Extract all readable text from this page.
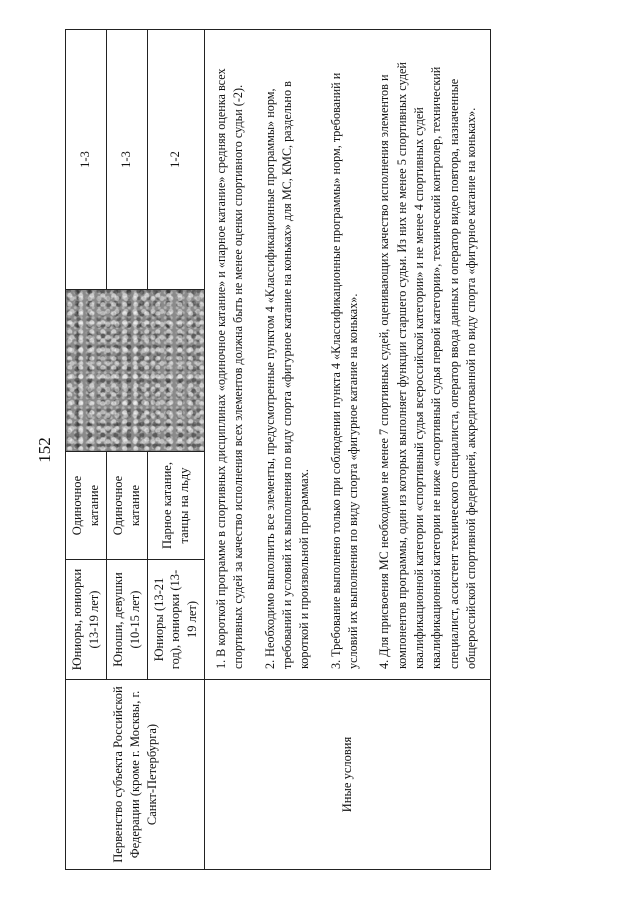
152
Первенство субъекта Российской Федерации (кроме г. Москвы, г. Санкт-Петербурга)	Юниоры, юниорки (13-19 лет)	Одиночное катание		1-3
	Юноши, девушки (10-15 лет)	Одиночное катание		1-3
	Юниоры (13-21 год), юниорки (13-19 лет)	Парное катание, танцы на льду		1-2
Иные условия	1. В короткой программе в спортивных дисциплинах «одиночное катание» и «парное катание» средняя оценка всех спортивных судей за качество исполнения всех элементов должна быть не менее оценки спортивного судьи (-2). 2. Необходимо выполнить все элементы, предусмотренные пунктом 4 «Классификационные программы» норм, требований и условий их выполнения по виду спорта «фигурное катание на коньках» для МС, КМС, раздельно в короткой и произвольной программах. 3. Требование выполнено только при соблюдении пункта 4 «Классификационные программы» норм, требований и условий их выполнения по виду спорта «фигурное катание на коньках». 4. Для присвоения МС необходимо не менее 7 спортивных судей, оценивающих качество исполнения элементов и компонентов программы, один из которых выполняет функции старшего судьи. Из них не менее 5 спортивных судей квалификационной категории «спортивный судья всероссийской категории» и не менее 4 спортивных судей квалификационной категории не ниже «спортивный судья первой категории», технический контролер, технический специалист, ассистент технического специалиста, оператор ввода данных и оператор видео повтора, назначенные общероссийской спортивной федерацией, аккредитованной по виду спорта «фигурное катание на коньках».			
